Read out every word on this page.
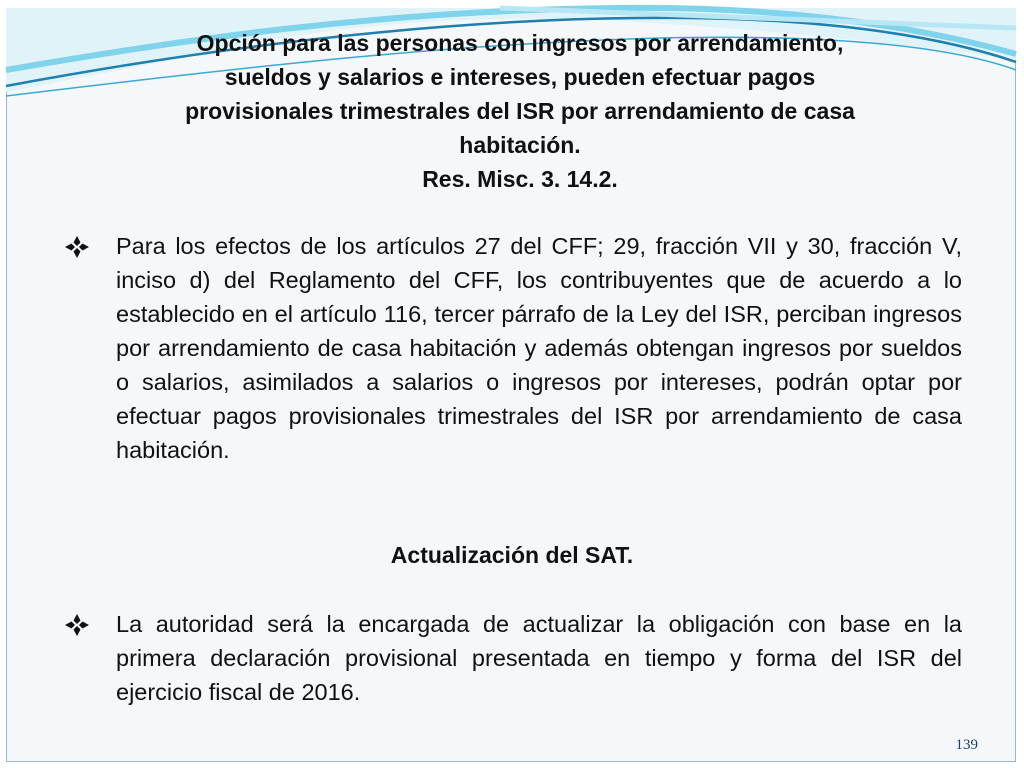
Opción para las personas con ingresos por arrendamiento,
sueldos y salarios e intereses, pueden efectuar pagos
provisionales trimestrales del ISR por arrendamiento de casa
habitación.
Res. Misc. 3. 14.2.
Para los efectos de los artículos 27 del CFF; 29, fracción VII y 30, fracción V, inciso d) del Reglamento del CFF, los contribuyentes que de acuerdo a lo establecido en el artículo 116, tercer párrafo de la Ley del ISR, perciban ingresos por arrendamiento de casa habitación y además obtengan ingresos por sueldos o salarios, asimilados a salarios o ingresos por intereses, podrán optar por efectuar pagos provisionales trimestrales del ISR por arrendamiento de casa habitación.
Actualización del SAT.
La autoridad será la encargada de actualizar la obligación con base en la primera declaración provisional presentada en tiempo y forma del ISR del ejercicio fiscal de 2016.
139
